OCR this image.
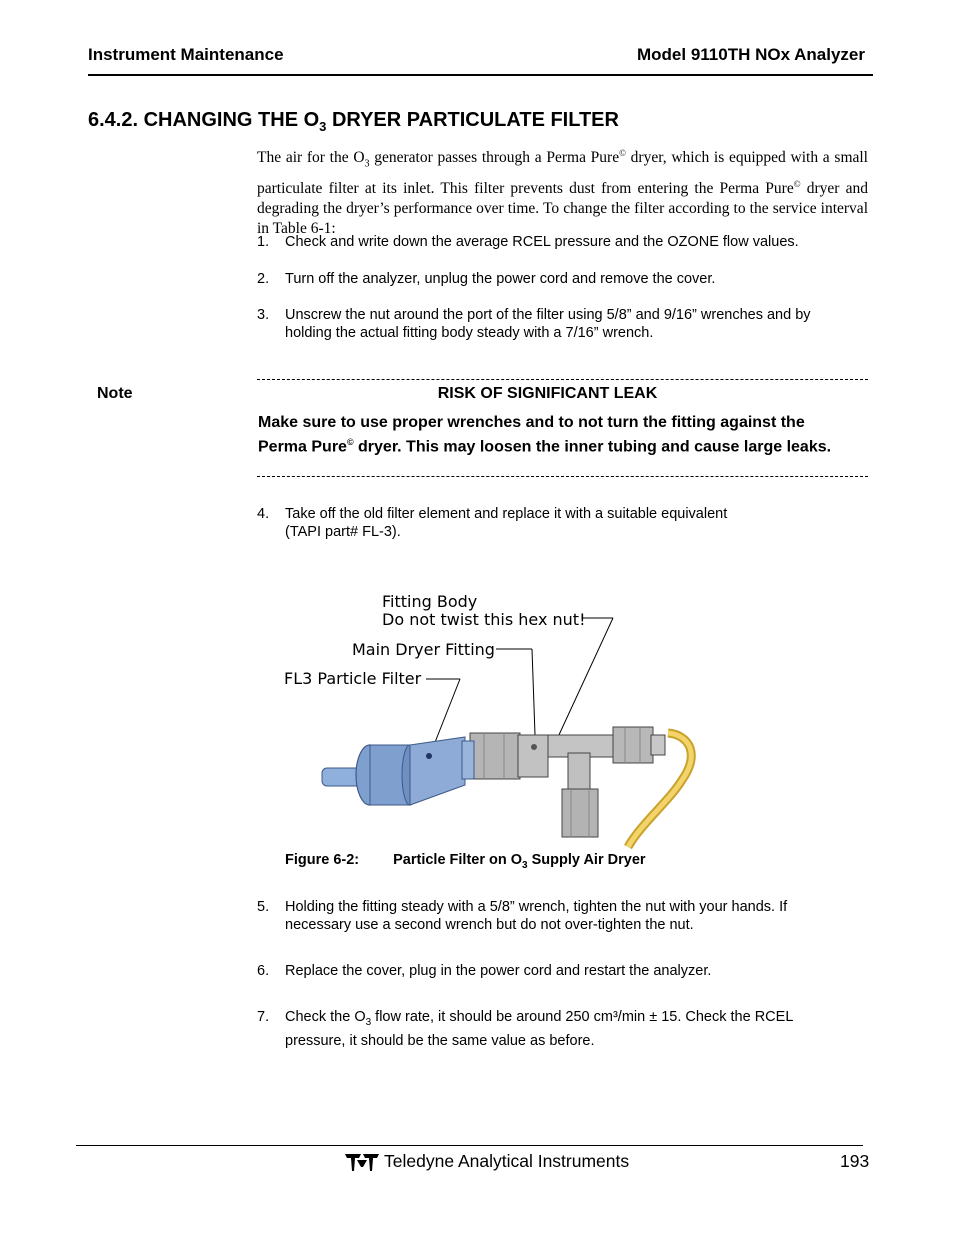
Instrument Maintenance	Model 9110TH NOx Analyzer
6.4.2. CHANGING THE $O_3$ DRYER PARTICULATE FILTER
The air for the $O_3$ generator passes through a Perma Pure© dryer, which is equipped with a small particulate filter at its inlet. This filter prevents dust from entering the Perma Pure© dryer and degrading the dryer’s performance over time. To change the filter according to the service interval in Table 6-1:
1. Check and write down the average RCEL pressure and the OZONE flow values.
2. Turn off the analyzer, unplug the power cord and remove the cover.
3. Unscrew the nut around the port of the filter using 5/8” and 9/16” wrenches and by holding the actual fitting body steady with a 7/16” wrench.
Note	RISK OF SIGNIFICANT LEAK
Make sure to use proper wrenches and to not turn the fitting against the Perma Pure© dryer. This may loosen the inner tubing and cause large leaks.
4. Take off the old filter element and replace it with a suitable equivalent
(TAPI part# FL-3).
Fitting Body
Do not twist this hex nut!
Main Dryer Fitting
FL3 Particle Filter
Figure 6-2: Particle Filter on $O_3$ Supply Air Dryer
5. Holding the fitting steady with a 5/8” wrench, tighten the nut with your hands. If necessary use a second wrench but do not over-tighten the nut.
6. Replace the cover, plug in the power cord and restart the analyzer.
7. Check the $O_3$ flow rate, it should be around 250 cm³/min ± 15. Check the RCEL pressure, it should be the same value as before.
Teledyne Analytical Instruments	193
